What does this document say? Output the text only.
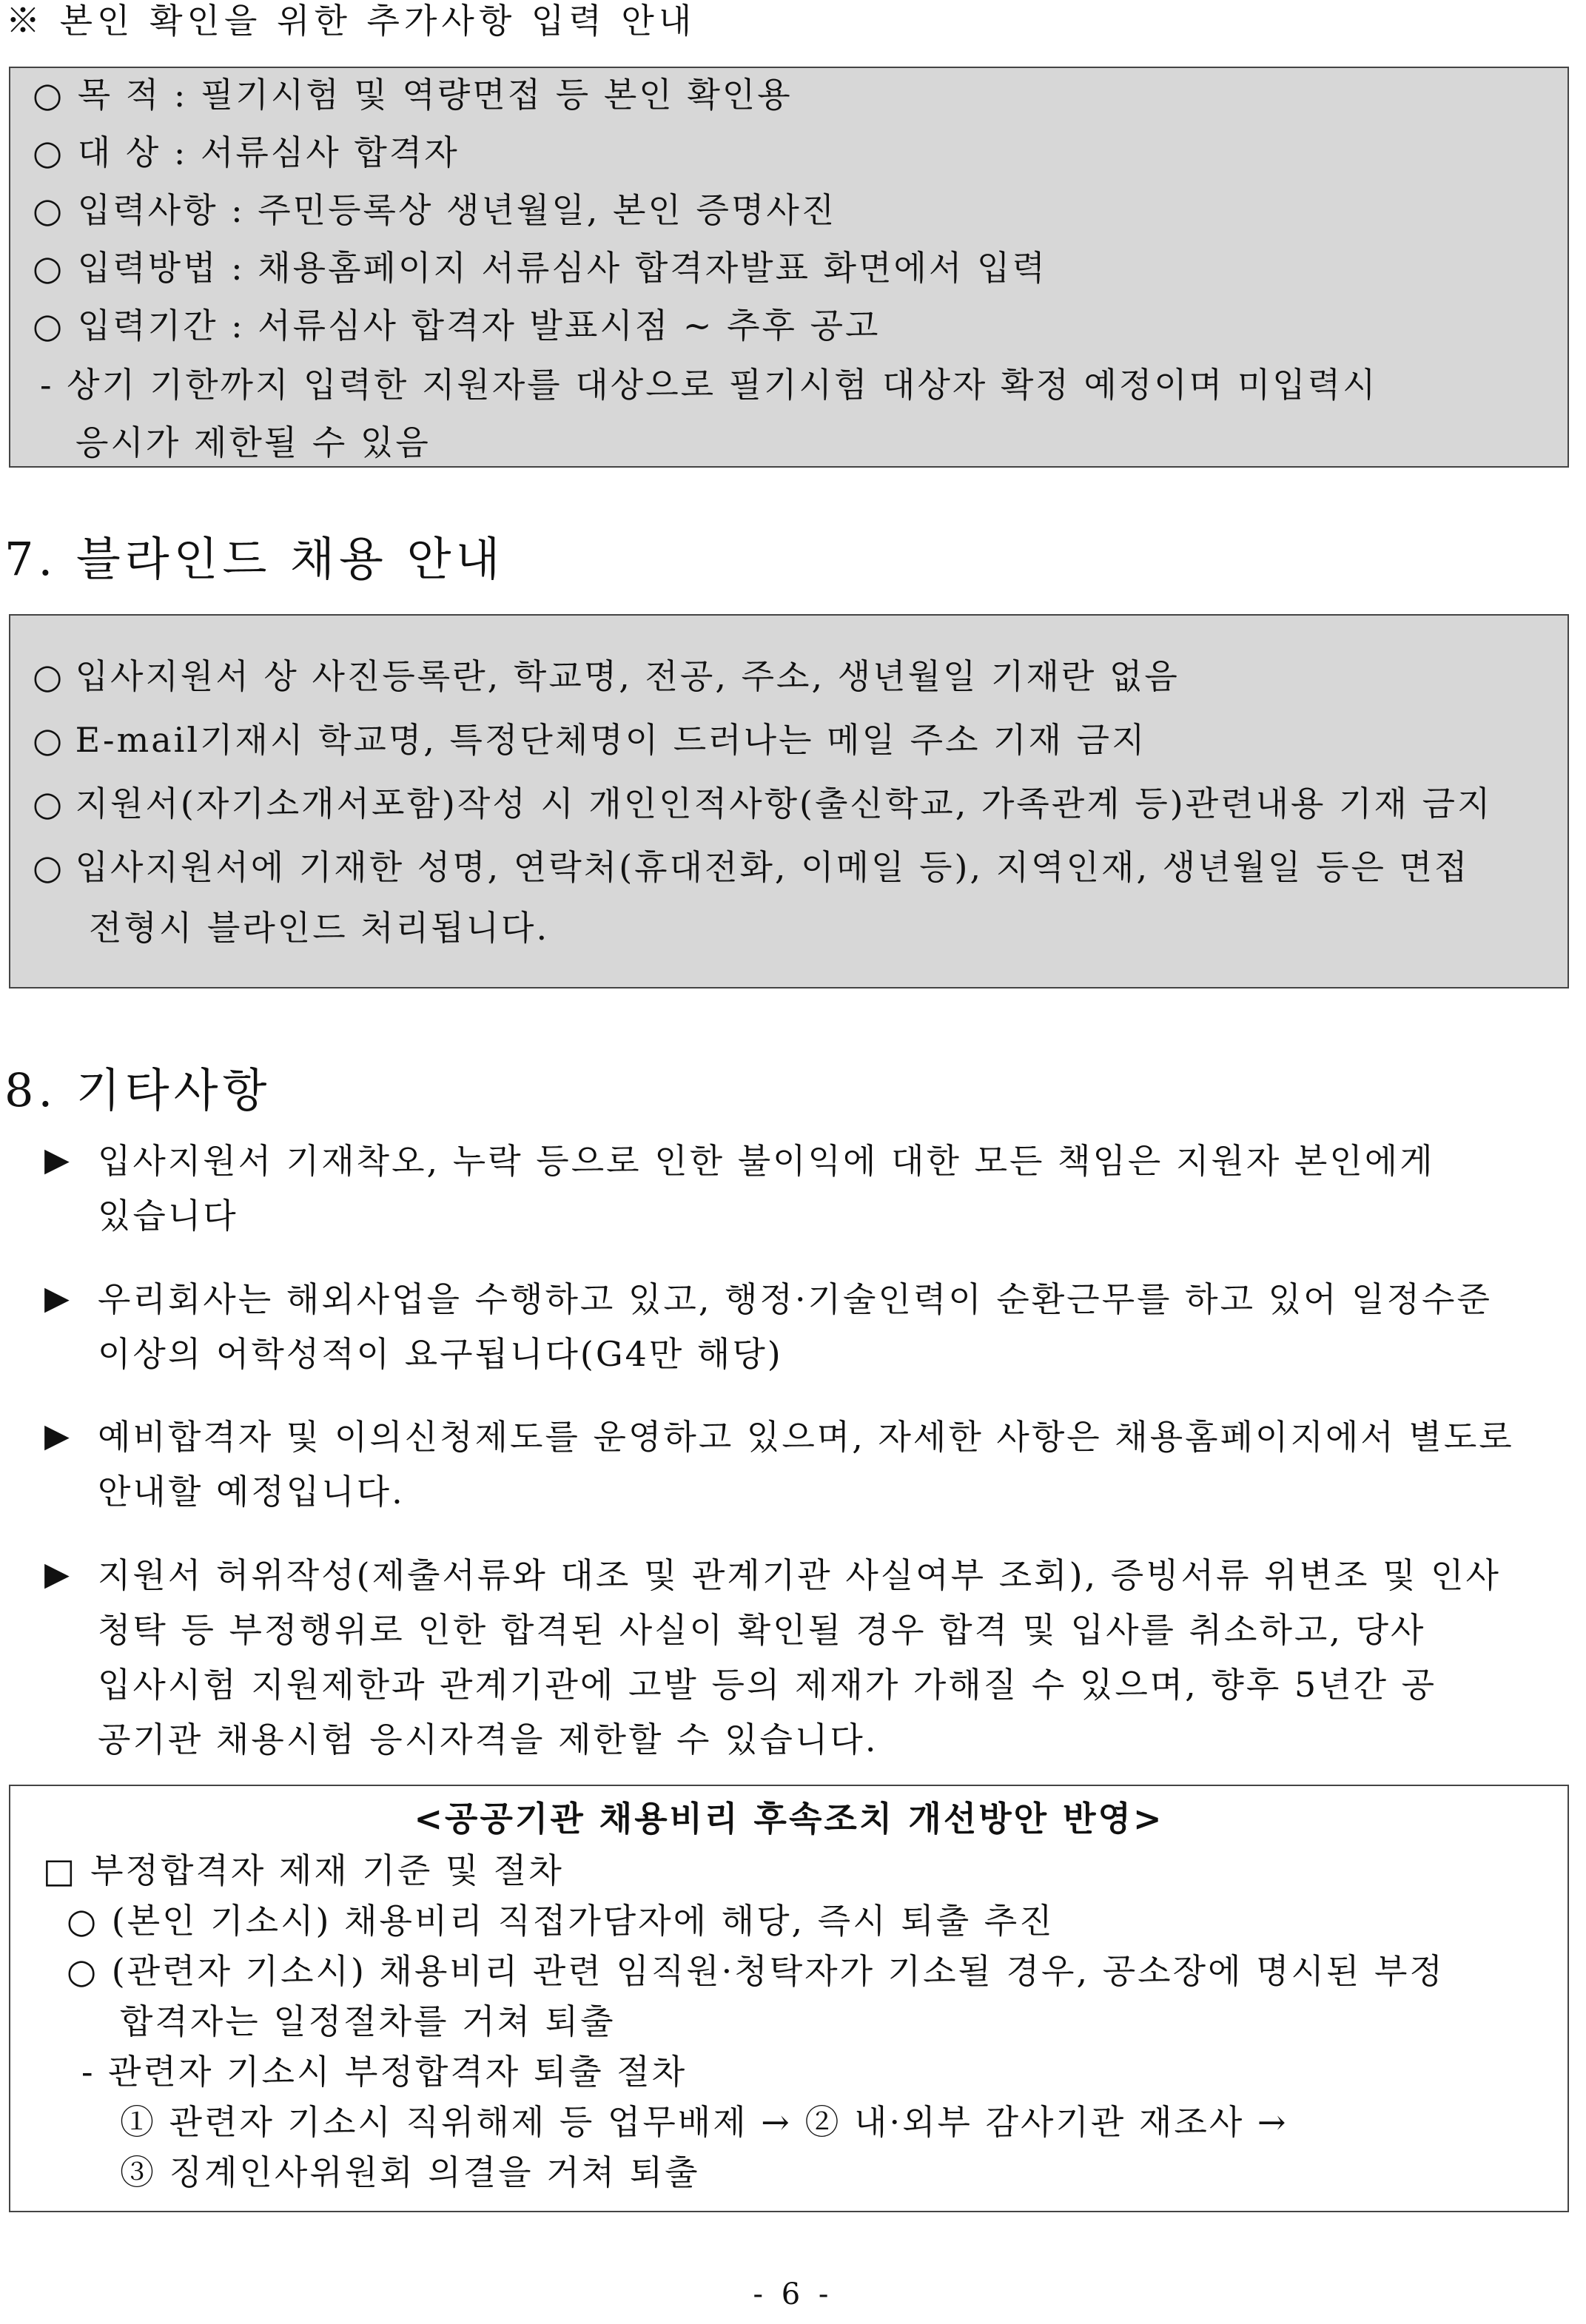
※ 본인 확인을 위한 추가사항 입력 안내
○ 목 적 : 필기시험 및 역량면접 등 본인 확인용
○ 대 상 : 서류심사 합격자
○ 입력사항 : 주민등록상 생년월일, 본인 증명사진
○ 입력방법 : 채용홈페이지 서류심사 합격자발표 화면에서 입력
○ 입력기간 : 서류심사 합격자 발표시점 ~ 추후 공고
- 상기 기한까지 입력한 지원자를 대상으로 필기시험 대상자 확정 예정이며 미입력시
응시가 제한될 수 있음
7. 블라인드 채용 안내
○ 입사지원서 상 사진등록란, 학교명, 전공, 주소, 생년월일 기재란 없음
○ E-mail기재시 학교명, 특정단체명이 드러나는 메일 주소 기재 금지
○ 지원서(자기소개서포함)작성 시 개인인적사항(출신학교, 가족관계 등)관련내용 기재 금지
○ 입사지원서에 기재한 성명, 연락처(휴대전화, 이메일 등), 지역인재, 생년월일 등은 면접
전형시 블라인드 처리됩니다.
8. 기타사항
▶ 입사지원서 기재착오, 누락 등으로 인한 불이익에 대한 모든 책임은 지원자 본인에게
있습니다
▶ 우리회사는 해외사업을 수행하고 있고, 행정·기술인력이 순환근무를 하고 있어 일정수준
이상의 어학성적이 요구됩니다(G4만 해당)
▶ 예비합격자 및 이의신청제도를 운영하고 있으며, 자세한 사항은 채용홈페이지에서 별도로
안내할 예정입니다.
▶ 지원서 허위작성(제출서류와 대조 및 관계기관 사실여부 조회), 증빙서류 위변조 및 인사
청탁 등 부정행위로 인한 합격된 사실이 확인될 경우 합격 및 입사를 취소하고, 당사
입사시험 지원제한과 관계기관에 고발 등의 제재가 가해질 수 있으며, 향후 5년간 공
공기관 채용시험 응시자격을 제한할 수 있습니다.
<공공기관 채용비리 후속조치 개선방안 반영>
□ 부정합격자 제재 기준 및 절차
○ (본인 기소시) 채용비리 직접가담자에 해당, 즉시 퇴출 추진
○ (관련자 기소시) 채용비리 관련 임직원·청탁자가 기소될 경우, 공소장에 명시된 부정
합격자는 일정절차를 거쳐 퇴출
- 관련자 기소시 부정합격자 퇴출 절차
① 관련자 기소시 직위해제 등 업무배제 → ② 내·외부 감사기관 재조사 →
③ 징계인사위원회 의결을 거쳐 퇴출
- 6 -
